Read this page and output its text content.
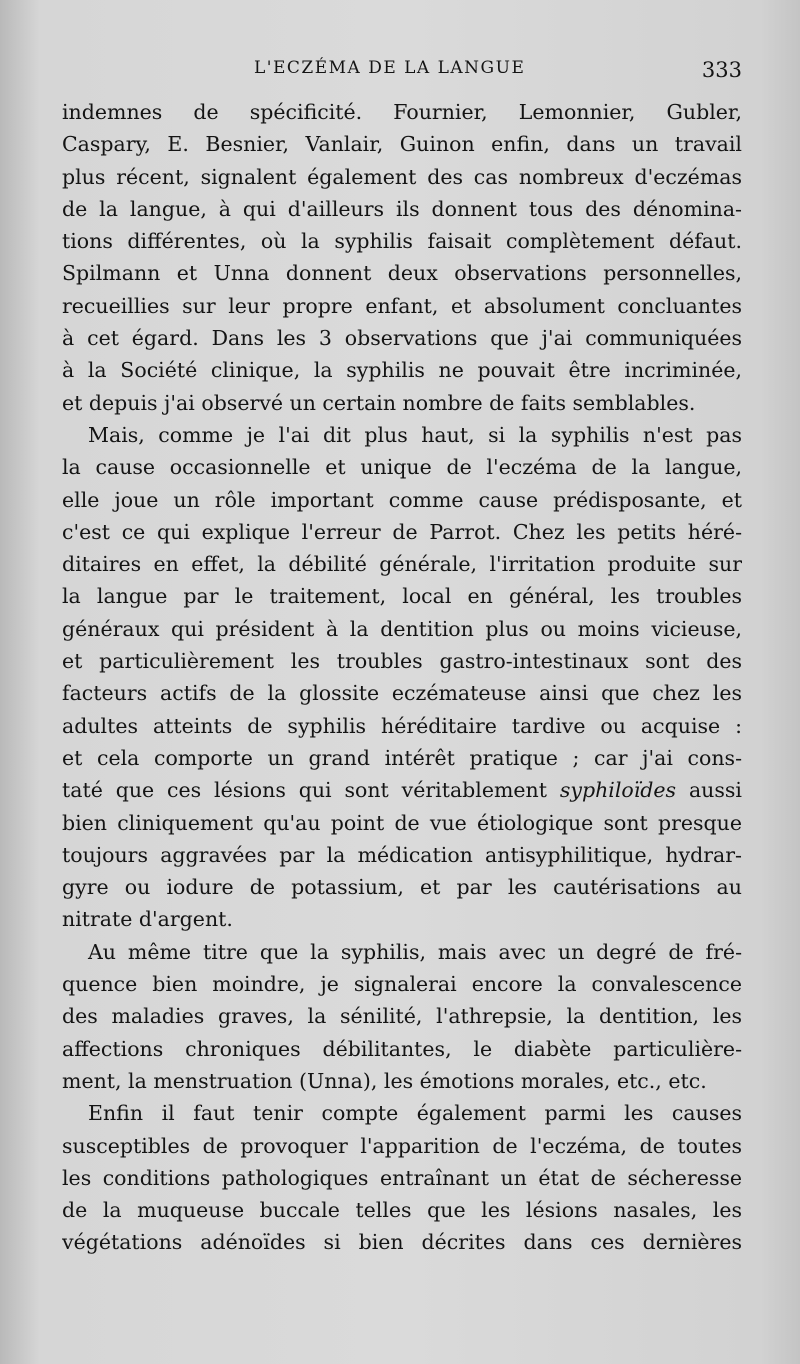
L'ECZÉMA DE LA LANGUE	333
indemnes de spécificité. Fournier, Lemonnier, Gubler,
Caspary, E. Besnier, Vanlair, Guinon enfin, dans un travail
plus récent, signalent également des cas nombreux d'eczémas
de la langue, à qui d'ailleurs ils donnent tous des dénomina-
tions différentes, où la syphilis faisait complètement défaut.
Spilmann et Unna donnent deux observations personnelles,
recueillies sur leur propre enfant, et absolument concluantes
à cet égard. Dans les 3 observations que j'ai communiquées
à la Société clinique, la syphilis ne pouvait être incriminée,
et depuis j'ai observé un certain nombre de faits semblables.
Mais, comme je l'ai dit plus haut, si la syphilis n'est pas
la cause occasionnelle et unique de l'eczéma de la langue,
elle joue un rôle important comme cause prédisposante, et
c'est ce qui explique l'erreur de Parrot. Chez les petits héré-
ditaires en effet, la débilité générale, l'irritation produite sur
la langue par le traitement, local en général, les troubles
généraux qui président à la dentition plus ou moins vicieuse,
et particulièrement les troubles gastro-intestinaux sont des
facteurs actifs de la glossite eczémateuse ainsi que chez les
adultes atteints de syphilis héréditaire tardive ou acquise :
et cela comporte un grand intérêt pratique ; car j'ai cons-
taté que ces lésions qui sont véritablement syphiloïdes aussi
bien cliniquement qu'au point de vue étiologique sont presque
toujours aggravées par la médication antisyphilitique, hydrar-
gyre ou iodure de potassium, et par les cautérisations au
nitrate d'argent.
Au même titre que la syphilis, mais avec un degré de fré-
quence bien moindre, je signalerai encore la convalescence
des maladies graves, la sénilité, l'athrepsie, la dentition, les
affections chroniques débilitantes, le diabète particulière-
ment, la menstruation (Unna), les émotions morales, etc., etc.
Enfin il faut tenir compte également parmi les causes
susceptibles de provoquer l'apparition de l'eczéma, de toutes
les conditions pathologiques entraînant un état de sécheresse
de la muqueuse buccale telles que les lésions nasales, les
végétations adénoïdes si bien décrites dans ces dernières
